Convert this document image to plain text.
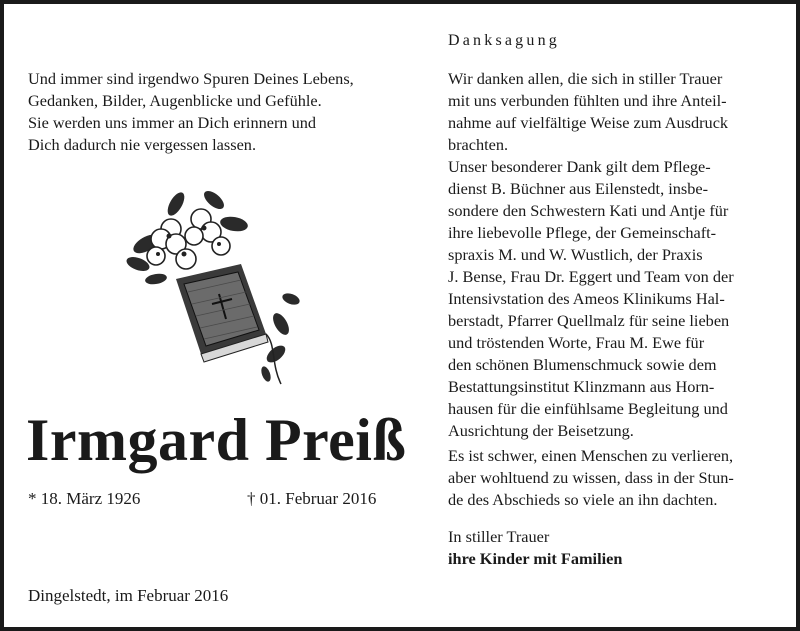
Und immer sind irgendwo Spuren Deines Lebens,
Gedanken, Bilder, Augenblicke und Gefühle.
Sie werden uns immer an Dich erinnern und
Dich dadurch nie vergessen lassen.
Irmgard Preiß
* 18. März 1926	† 01. Februar 2016
Dingelstedt, im Februar 2016
Danksagung
Wir danken allen, die sich in stiller Trauer
mit uns verbunden fühlten und ihre Anteil-
nahme auf vielfältige Weise zum Ausdruck
brachten.
Unser besonderer Dank gilt dem Pflege-
dienst B. Büchner aus Eilenstedt, insbe-
sondere den Schwestern Kati und Antje für
ihre liebevolle Pflege, der Gemeinschaft-
spraxis M. und W. Wustlich, der Praxis
J. Bense, Frau Dr. Eggert und Team von der
Intensivstation des Ameos Klinikums Hal-
berstadt, Pfarrer Quellmalz für seine lieben
und tröstenden Worte, Frau M. Ewe für
den schönen Blumenschmuck sowie dem
Bestattungsinstitut Klinzmann aus Horn-
hausen für die einfühlsame Begleitung und
Ausrichtung der Beisetzung.
Es ist schwer, einen Menschen zu verlieren,
aber wohltuend zu wissen, dass in der Stun-
de des Abschieds so viele an ihn dachten.
In stiller Trauer
ihre Kinder mit Familien
